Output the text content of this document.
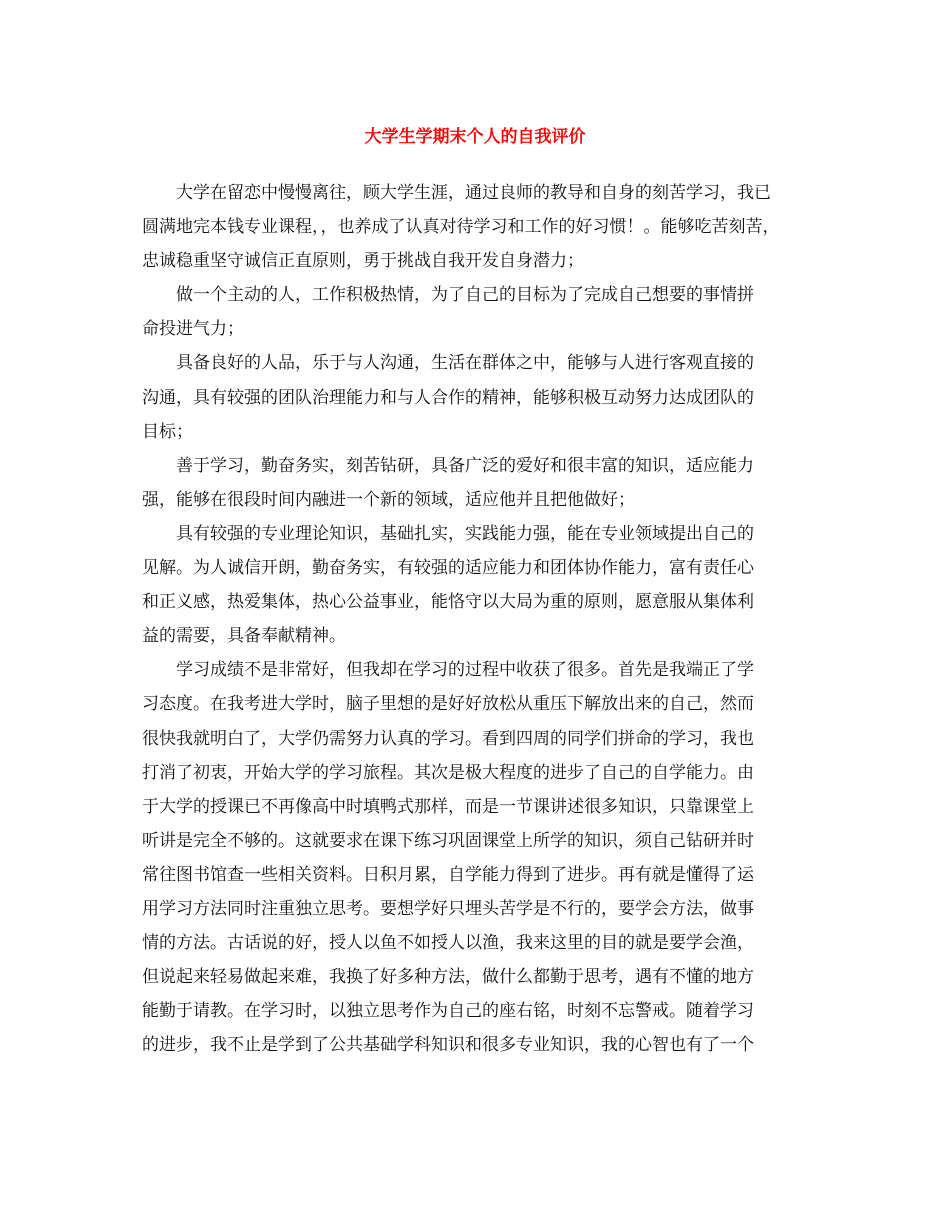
大学生学期末个人的自我评价
大学在留恋中慢慢离往，顾大学生涯，通过良师的教导和自身的刻苦学习，我已
圆满地完本钱专业课程，，也养成了认真对待学习和工作的好习惯！。能够吃苦刻苦，
忠诚稳重坚守诚信正直原则，勇于挑战自我开发自身潜力；
做一个主动的人，工作积极热情，为了自己的目标为了完成自己想要的事情拼
命投进气力；
具备良好的人品，乐于与人沟通，生活在群体之中，能够与人进行客观直接的
沟通，具有较强的团队治理能力和与人合作的精神，能够积极互动努力达成团队的
目标；
善于学习，勤奋务实，刻苦钻研，具备广泛的爱好和很丰富的知识，适应能力
强，能够在很段时间内融进一个新的领域，适应他并且把他做好；
具有较强的专业理论知识，基础扎实，实践能力强，能在专业领域提出自己的
见解。为人诚信开朗，勤奋务实，有较强的适应能力和团体协作能力，富有责任心
和正义感，热爱集体，热心公益事业，能恪守以大局为重的原则，愿意服从集体利
益的需要，具备奉献精神。
学习成绩不是非常好，但我却在学习的过程中收获了很多。首先是我端正了学
习态度。在我考进大学时，脑子里想的是好好放松从重压下解放出来的自己，然而
很快我就明白了，大学仍需努力认真的学习。看到四周的同学们拼命的学习，我也
打消了初衷，开始大学的学习旅程。其次是极大程度的进步了自己的自学能力。由
于大学的授课已不再像高中时填鸭式那样，而是一节课讲述很多知识，只靠课堂上
听讲是完全不够的。这就要求在课下练习巩固课堂上所学的知识，须自己钻研并时
常往图书馆查一些相关资料。日积月累，自学能力得到了进步。再有就是懂得了运
用学习方法同时注重独立思考。要想学好只埋头苦学是不行的，要学会方法，做事
情的方法。古话说的好，授人以鱼不如授人以渔，我来这里的目的就是要学会渔，
但说起来轻易做起来难，我换了好多种方法，做什么都勤于思考，遇有不懂的地方
能勤于请教。在学习时，以独立思考作为自己的座右铭，时刻不忘警戒。随着学习
的进步，我不止是学到了公共基础学科知识和很多专业知识，我的心智也有了一个
